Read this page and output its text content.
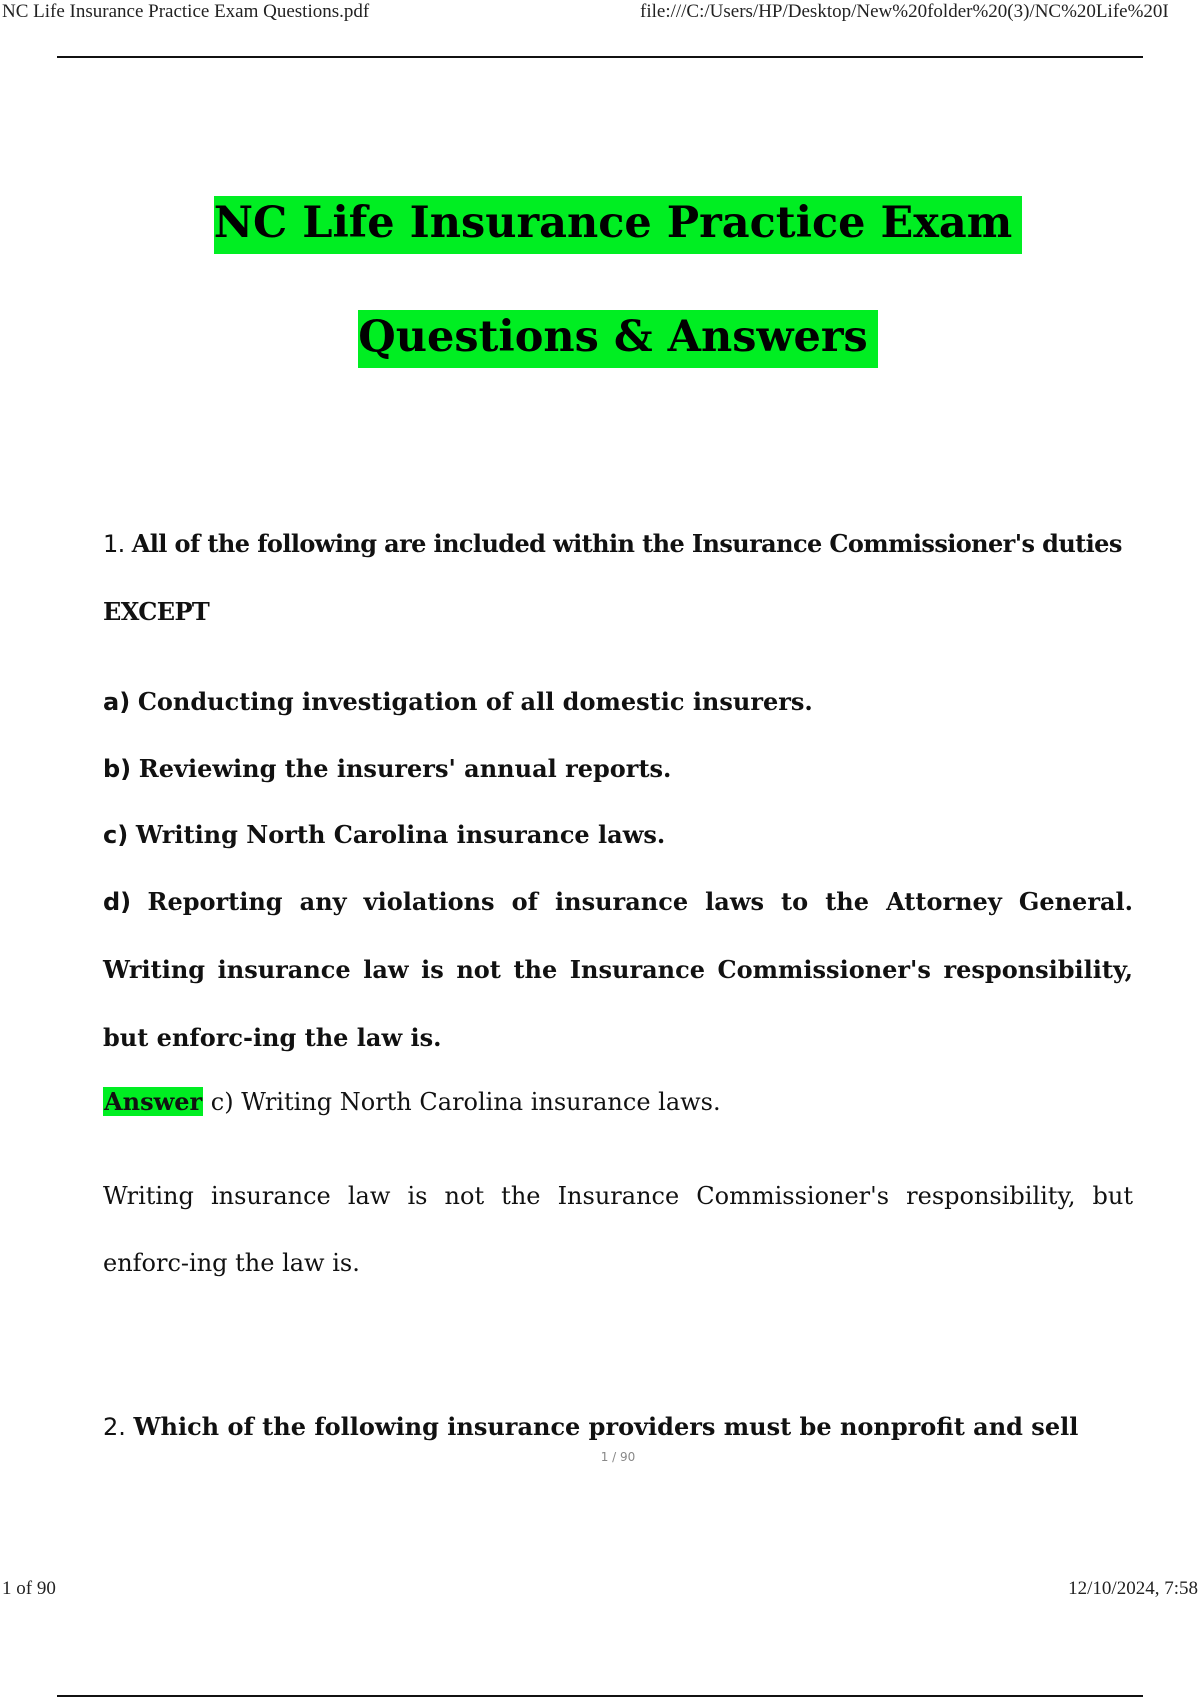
NC Life Insurance Practice Exam Questions.pdf	file:///C:/Users/HP/Desktop/New%20folder%20(3)/NC%20Life%20I
NC Life Insurance Practice Exam
Questions & Answers
1. All of the following are included within the Insurance Commissioner's duties EXCEPT
a) Conducting investigation of all domestic insurers.
b) Reviewing the insurers' annual reports.
c) Writing North Carolina insurance laws.
d) Reporting any violations of insurance laws to the Attorney General. Writing insurance law is not the Insurance Commissioner's responsibility, but enforc-ing the law is.
Answer c) Writing North Carolina insurance laws.
Writing insurance law is not the Insurance Commissioner's responsibility, but enforc-ing the law is.
2. Which of the following insurance providers must be nonprofit and sell
1 / 90
1 of 90	12/10/2024, 7:58
